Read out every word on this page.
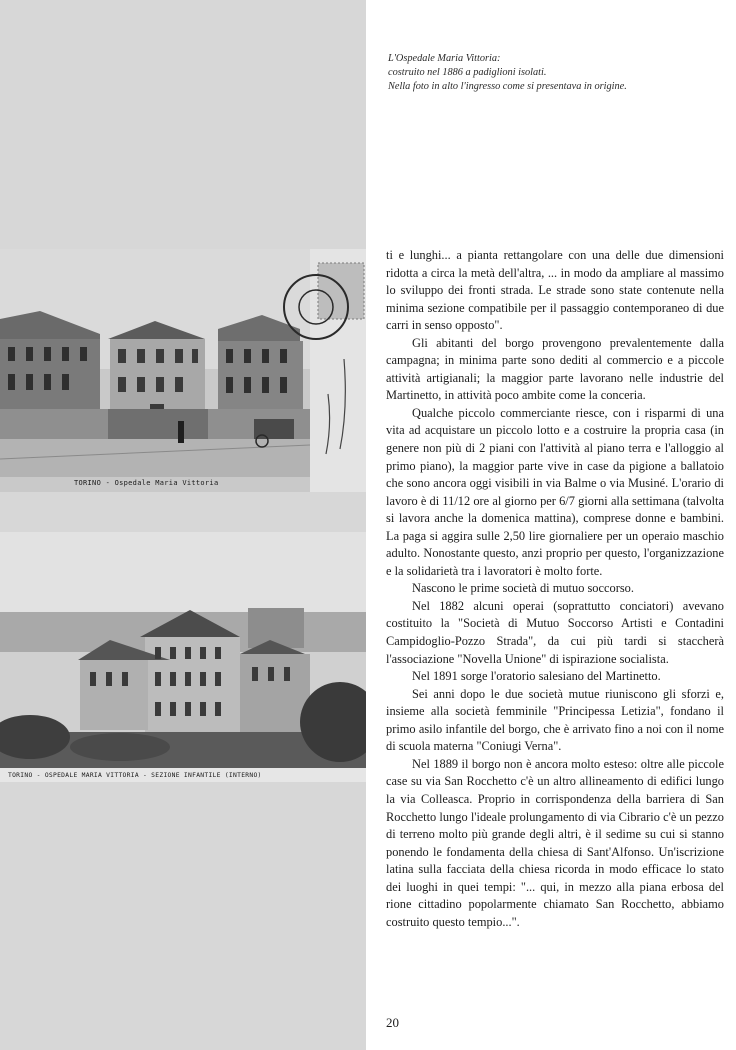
TORINO - Ospedale Maria Vittoria
TORINO - OSPEDALE MARIA VITTORIA - SEZIONE INFANTILE (INTERNO)
L'Ospedale Maria Vittoria:
costruito nel 1886 a padiglioni isolati.
Nella foto in alto l'ingresso come si presentava in origine.

ti e lunghi... a pianta rettangolare con una delle due dimensioni ridotta a circa la metà dell'altra, ... in modo da ampliare al massimo lo sviluppo dei fronti strada. Le strade sono state contenute nella minima sezione compatibile per il passaggio contemporaneo di due carri in senso opposto".

Gli abitanti del borgo provengono prevalentemente dalla campagna; in minima parte sono dediti al commercio e a piccole attività artigianali; la maggior parte lavorano nelle industrie del Martinetto, in attività poco ambite come la conceria.

Qualche piccolo commerciante riesce, con i risparmi di una vita ad acquistare un piccolo lotto e a costruire la propria casa (in genere non più di 2 piani con l'attività al piano terra e l'alloggio al primo piano), la maggior parte vive in case da pigione a ballatoio che sono ancora oggi visibili in via Balme o via Musiné. L'orario di lavoro è di 11/12 ore al giorno per 6/7 giorni alla settimana (talvolta si lavora anche la domenica mattina), comprese donne e bambini. La paga si aggira sulle 2,50 lire giornaliere per un operaio maschio adulto. Nonostante questo, anzi proprio per questo, l'organizzazione e la solidarietà tra i lavoratori è molto forte.

Nascono le prime società di mutuo soccorso.

Nel 1882 alcuni operai (soprattutto conciatori) avevano costituito la "Società di Mutuo Soccorso Artisti e Contadini Campidoglio-Pozzo Strada", da cui più tardi si staccherà l'associazione "Novella Unione" di ispirazione socialista.

Nel 1891 sorge l'oratorio salesiano del Martinetto.

Sei anni dopo le due società mutue riuniscono gli sforzi e, insieme alla società femminile "Principessa Letizia", fondano il primo asilo infantile del borgo, che è arrivato fino a noi con il nome di scuola materna "Coniugi Verna".

Nel 1889 il borgo non è ancora molto esteso: oltre alle piccole case su via San Rocchetto c'è un altro allineamento di edifici lungo la via Colleasca. Proprio in corrispondenza della barriera di San Rocchetto lungo l'ideale prolungamento di via Cibrario c'è un pezzo di terreno molto più grande degli altri, è il sedime su cui si stanno ponendo le fondamenta della chiesa di Sant'Alfonso. Un'iscrizione latina sulla facciata della chiesa ricorda in modo efficace lo stato dei luoghi in quei tempi: "... qui, in mezzo alla piana erbosa del rione cittadino popolarmente chiamato San Rocchetto, abbiamo costruito questo tempio...".

20
